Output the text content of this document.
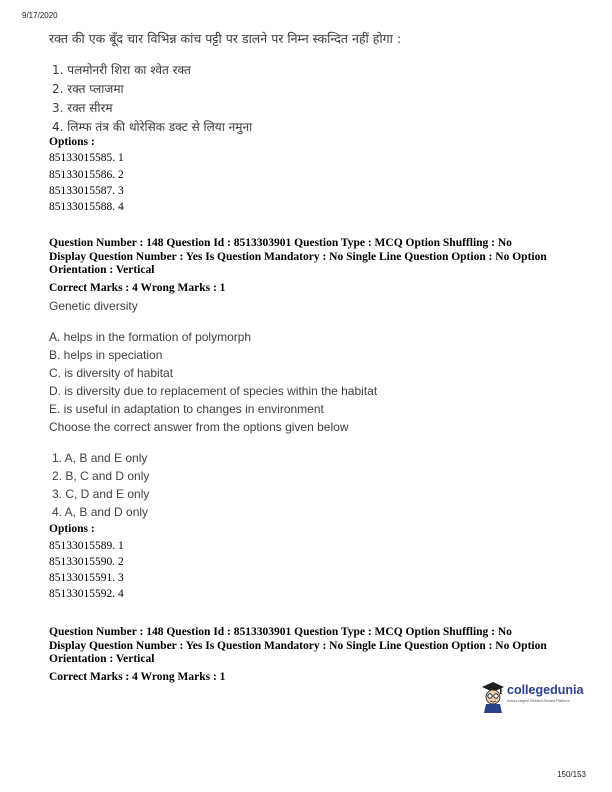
9/17/2020
रक्त की एक बूँद चार विभिन्न कांच पट्टी पर डालने पर निम्न स्कन्दित नहीं होगा :
1. पलमोनरी शिरा का श्वेत रक्त
2. रक्त प्लाजमा
3. रक्त सीरम
4. लिम्फ तंत्र की थोरेसिक डक्ट से लिया नमुना
Options :
85133015585. 1
85133015586. 2
85133015587. 3
85133015588. 4
Question Number : 148 Question Id : 8513303901 Question Type : MCQ Option Shuffling : No
Display Question Number : Yes Is Question Mandatory : No Single Line Question Option : No Option
Orientation : Vertical
Correct Marks : 4 Wrong Marks : 1
Genetic diversity
A. helps in the formation of polymorph
B. helps in speciation
C. is diversity of habitat
D. is diversity due to replacement of species within the habitat
E. is useful in adaptation to changes in environment
Choose the correct answer from the options given below
1. A, B and E only
2. B, C and D only
3. C, D and E only
4. A, B and D only
Options :
85133015589. 1
85133015590. 2
85133015591. 3
85133015592. 4
Question Number : 148 Question Id : 8513303901 Question Type : MCQ Option Shuffling : No
Display Question Number : Yes Is Question Mandatory : No Single Line Question Option : No Option
Orientation : Vertical
Correct Marks : 4 Wrong Marks : 1
collegedunia
India's largest Student Review Platform
150/153
